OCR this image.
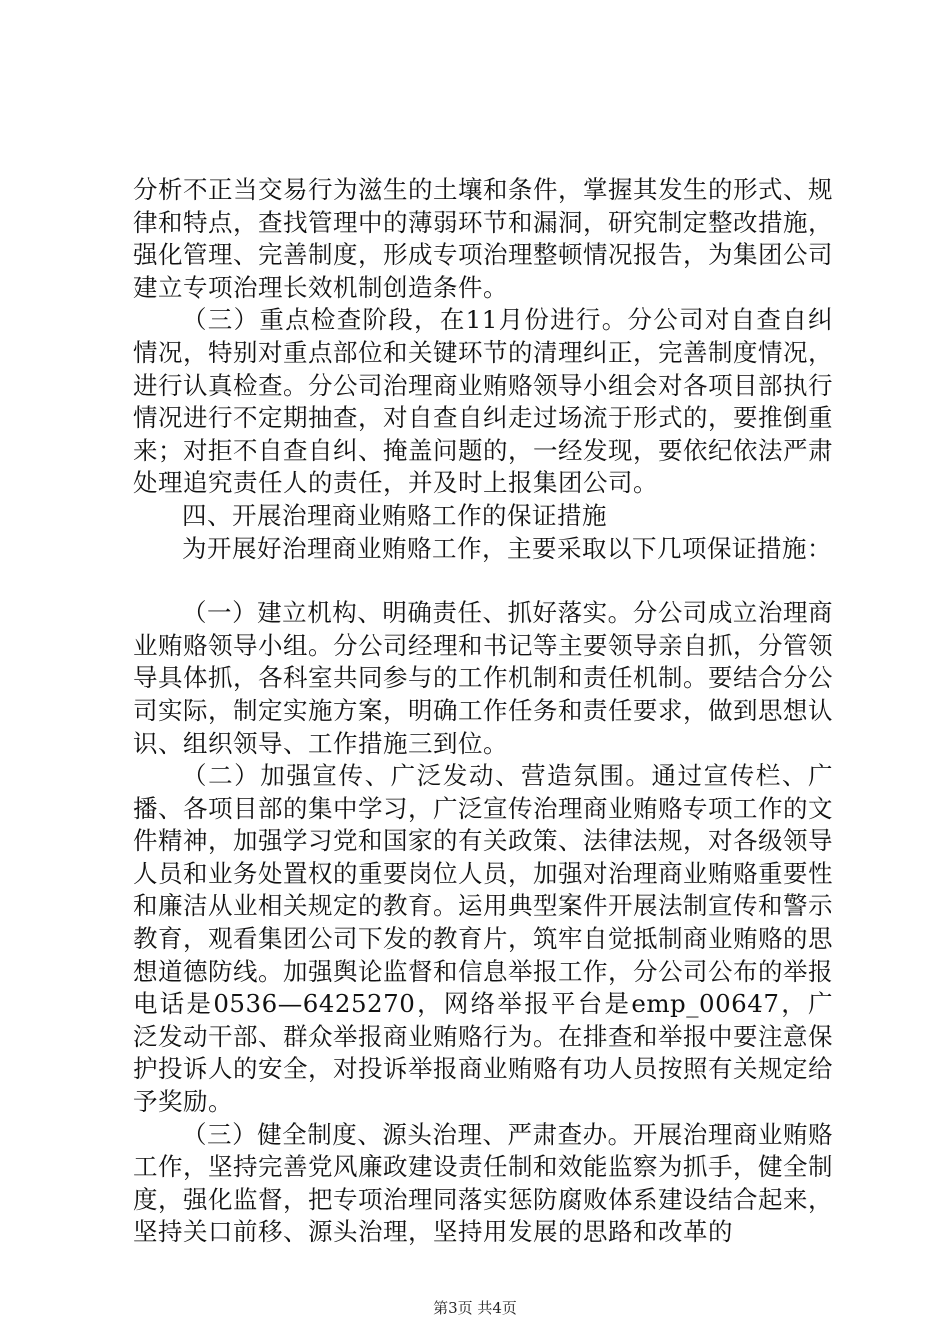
分析不正当交易行为滋生的土壤和条件，掌握其发生的形式、规律和特点，查找管理中的薄弱环节和漏洞，研究制定整改措施，强化管理、完善制度，形成专项治理整顿情况报告，为集团公司建立专项治理长效机制创造条件。

（三）重点检查阶段，在11月份进行。分公司对自查自纠情况，特别对重点部位和关键环节的清理纠正，完善制度情况，进行认真检查。分公司治理商业贿赂领导小组会对各项目部执行情况进行不定期抽查，对自查自纠走过场流于形式的，要推倒重来；对拒不自查自纠、掩盖问题的，一经发现，要依纪依法严肃处理追究责任人的责任，并及时上报集团公司。

四、开展治理商业贿赂工作的保证措施

为开展好治理商业贿赂工作，主要采取以下几项保证措施：

（一）建立机构、明确责任、抓好落实。分公司成立治理商业贿赂领导小组。分公司经理和书记等主要领导亲自抓，分管领导具体抓，各科室共同参与的工作机制和责任机制。要结合分公司实际，制定实施方案，明确工作任务和责任要求，做到思想认识、组织领导、工作措施三到位。

（二）加强宣传、广泛发动、营造氛围。通过宣传栏、广播、各项目部的集中学习，广泛宣传治理商业贿赂专项工作的文件精神，加强学习党和国家的有关政策、法律法规，对各级领导人员和业务处置权的重要岗位人员，加强对治理商业贿赂重要性和廉洁从业相关规定的教育。运用典型案件开展法制宣传和警示教育，观看集团公司下发的教育片，筑牢自觉抵制商业贿赂的思想道德防线。加强舆论监督和信息举报工作，分公司公布的举报电话是0536—6425270，网络举报平台是emp_00647，广泛发动干部、群众举报商业贿赂行为。在排查和举报中要注意保护投诉人的安全，对投诉举报商业贿赂有功人员按照有关规定给予奖励。

（三）健全制度、源头治理、严肃查办。开展治理商业贿赂工作，坚持完善党风廉政建设责任制和效能监察为抓手，健全制度，强化监督，把专项治理同落实惩防腐败体系建设结合起来，坚持关口前移、源头治理，坚持用发展的思路和改革的

第3页 共4页
